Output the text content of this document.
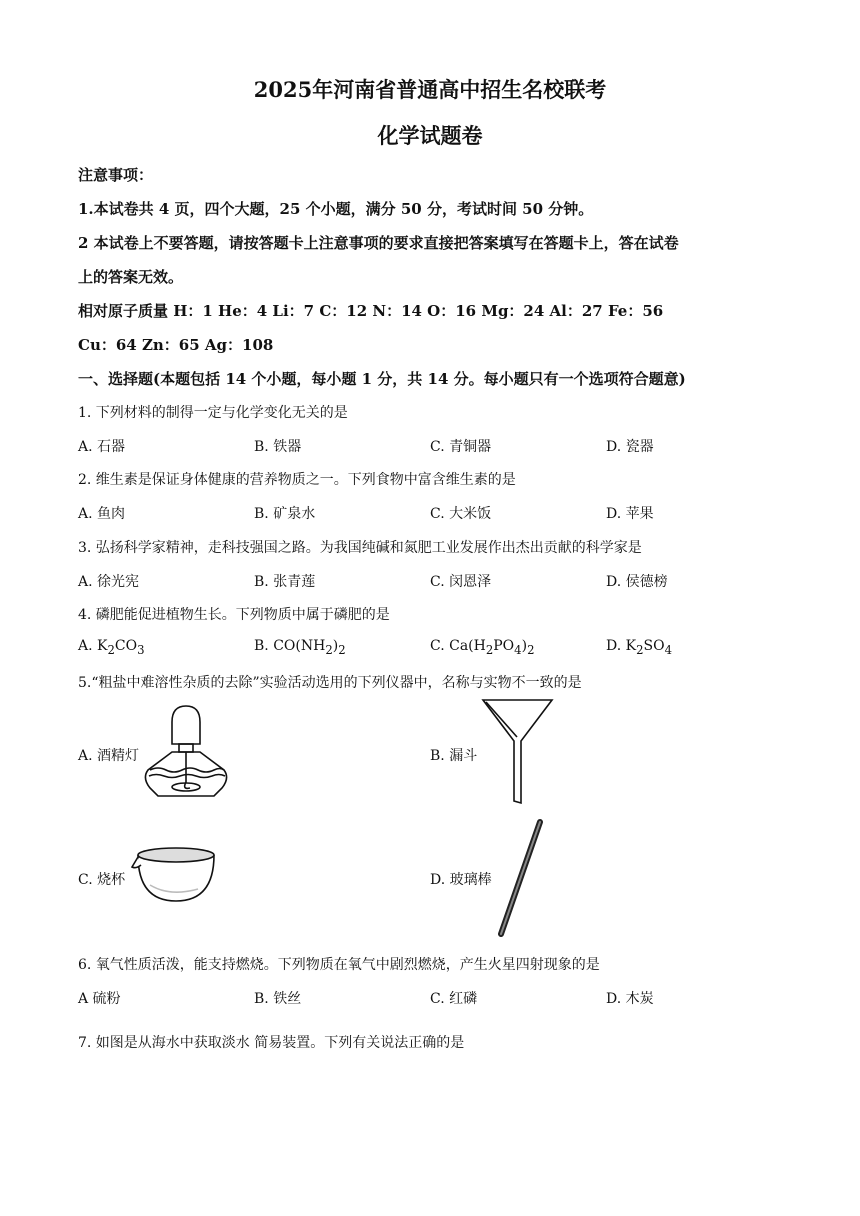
2025年河南省普通高中招生名校联考
化学试题卷
注意事项：
1.本试卷共 4 页，四个大题，25 个小题，满分 50 分，考试时间 50 分钟。
2 本试卷上不要答题，请按答题卡上注意事项的要求直接把答案填写在答题卡上，答在试卷
上的答案无效。
相对原子质量 H：1 He：4 Li：7 C：12 N：14 O：16 Mg：24 Al：27 Fe：56
Cu：64 Zn：65 Ag：108
一、选择题(本题包括 14 个小题，每小题 1 分，共 14 分。每小题只有一个选项符合题意)
1. 下列材料的制得一定与化学变化无关的是
A. 石器	B. 铁器	C. 青铜器	D. 瓷器
2. 维生素是保证身体健康的营养物质之一。下列食物中富含维生素的是
A. 鱼肉	B. 矿泉水	C. 大米饭	D. 苹果
3. 弘扬科学家精神，走科技强国之路。为我国纯碱和氮肥工业发展作出杰出贡献的科学家是
A. 徐光宪	B. 张青莲	C. 闵恩泽	D. 侯德榜
4. 磷肥能促进植物生长。下列物质中属于磷肥的是
A. $K_2CO_3$	B. $CO(NH_2)_2$	C. $Ca(H_2PO_4)_2$	D. $K_2SO_4$
5.“粗盐中难溶性杂质的去除”实验活动选用的下列仪器中，名称与实物不一致的是
A. 酒精灯	B. 漏斗
C. 烧杯	D. 玻璃棒
6. 氧气性质活泼，能支持燃烧。下列物质在氧气中剧烈燃烧，产生火星四射现象的是
A 硫粉	B. 铁丝	C. 红磷	D. 木炭
7. 如图是从海水中获取淡水 简易装置。下列有关说法正确的是
